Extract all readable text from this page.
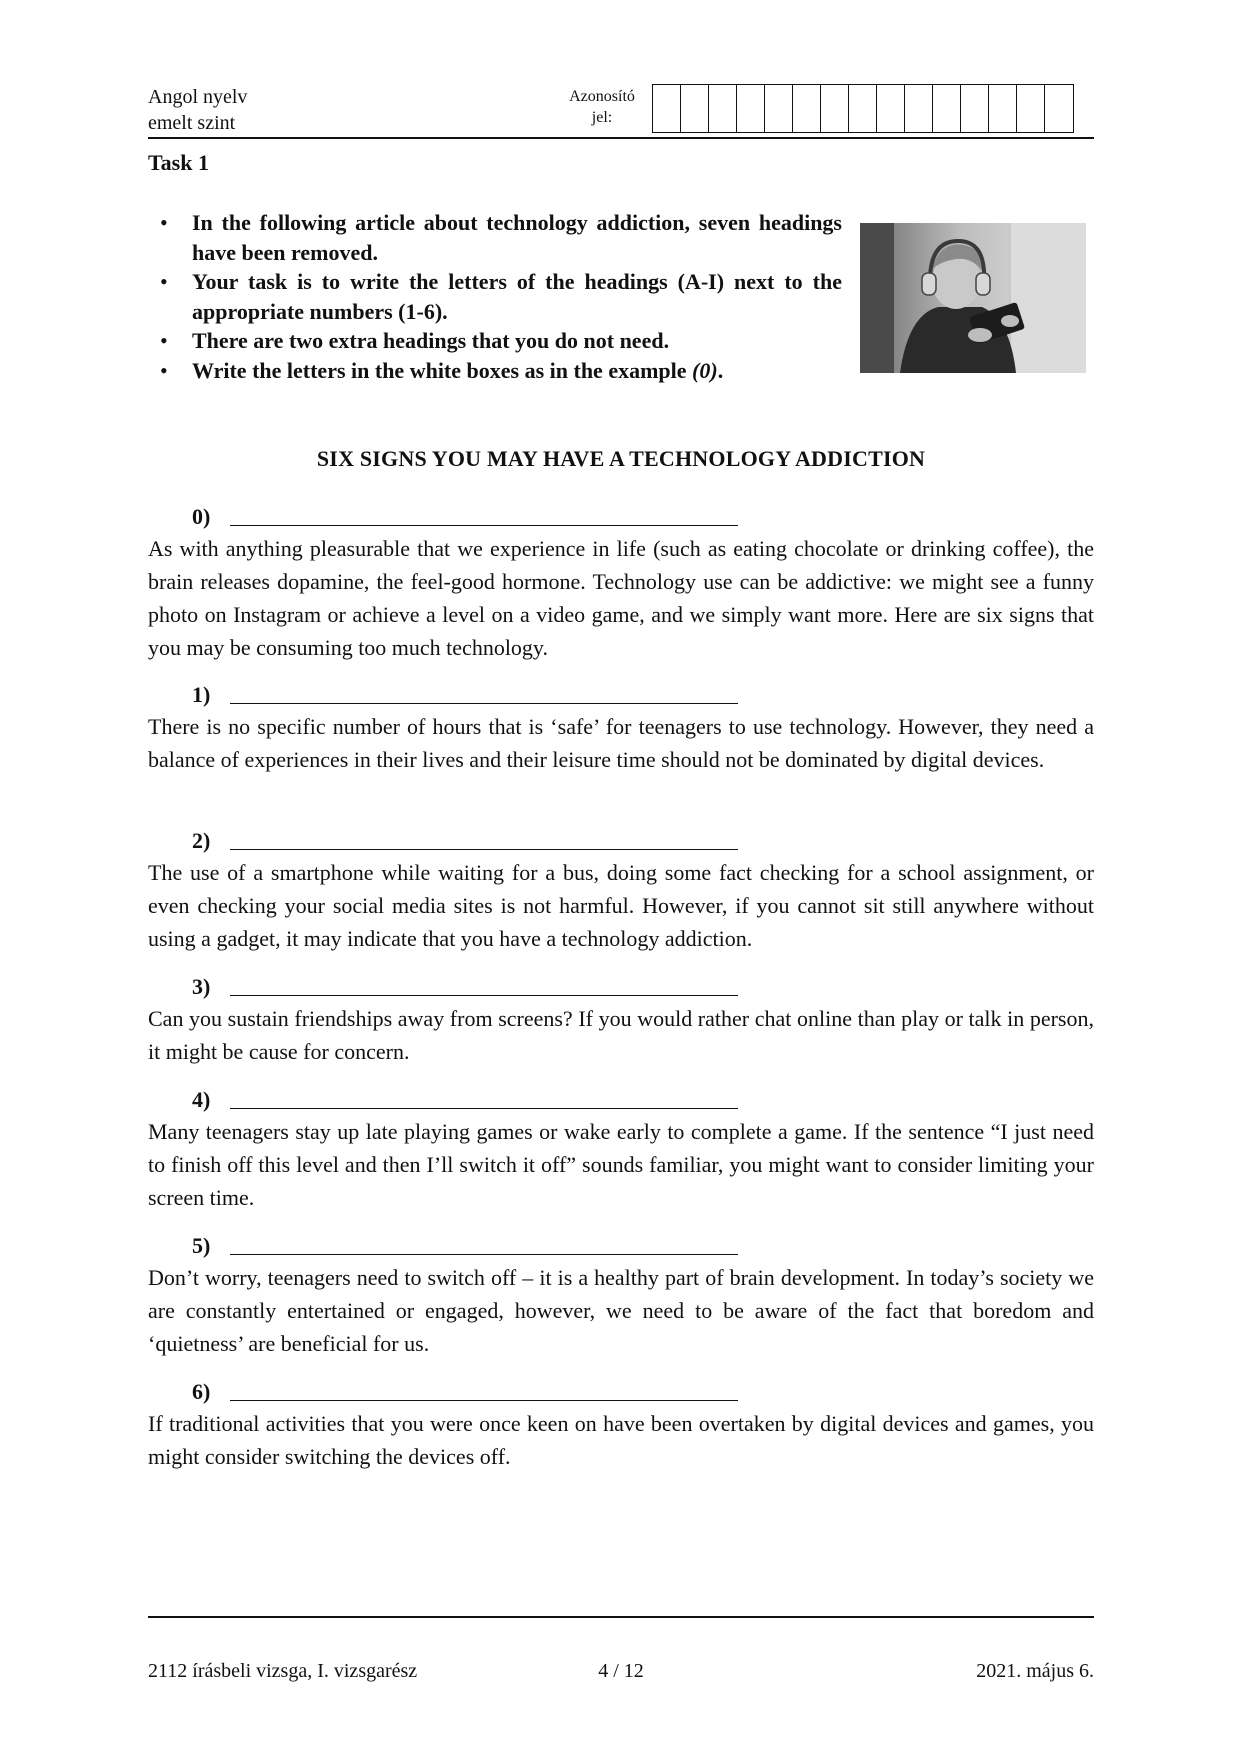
Angol nyelv
emelt szint
Azonosító
jel:
Task 1
• In the following article about technology addiction, seven headings have been removed.
• Your task is to write the letters of the headings (A-I) next to the appropriate numbers (1-6).
• There are two extra headings that you do not need.
• Write the letters in the white boxes as in the example (0).
SIX SIGNS YOU MAY HAVE A TECHNOLOGY ADDICTION
0)

As with anything pleasurable that we experience in life (such as eating chocolate or drinking coffee), the brain releases dopamine, the feel-good hormone. Technology use can be addictive: we might see a funny photo on Instagram or achieve a level on a video game, and we simply want more. Here are six signs that you may be consuming too much technology.

1)

There is no specific number of hours that is ‘safe’ for teenagers to use technology. However, they need a balance of experiences in their lives and their leisure time should not be dominated by digital devices.

2)

The use of a smartphone while waiting for a bus, doing some fact checking for a school assignment, or even checking your social media sites is not harmful. However, if you cannot sit still anywhere without using a gadget, it may indicate that you have a technology addiction.

3)

Can you sustain friendships away from screens? If you would rather chat online than play or talk in person, it might be cause for concern.

4)

Many teenagers stay up late playing games or wake early to complete a game. If the sentence “I just need to finish off this level and then I’ll switch it off” sounds familiar, you might want to consider limiting your screen time.

5)

Don’t worry, teenagers need to switch off – it is a healthy part of brain development. In today’s society we are constantly entertained or engaged, however, we need to be aware of the fact that boredom and ‘quietness’ are beneficial for us.

6)

If traditional activities that you were once keen on have been overtaken by digital devices and games, you might consider switching the devices off.

2112 írásbeli vizsga, I. vizsgarész	4 / 12	2021. május 6.
